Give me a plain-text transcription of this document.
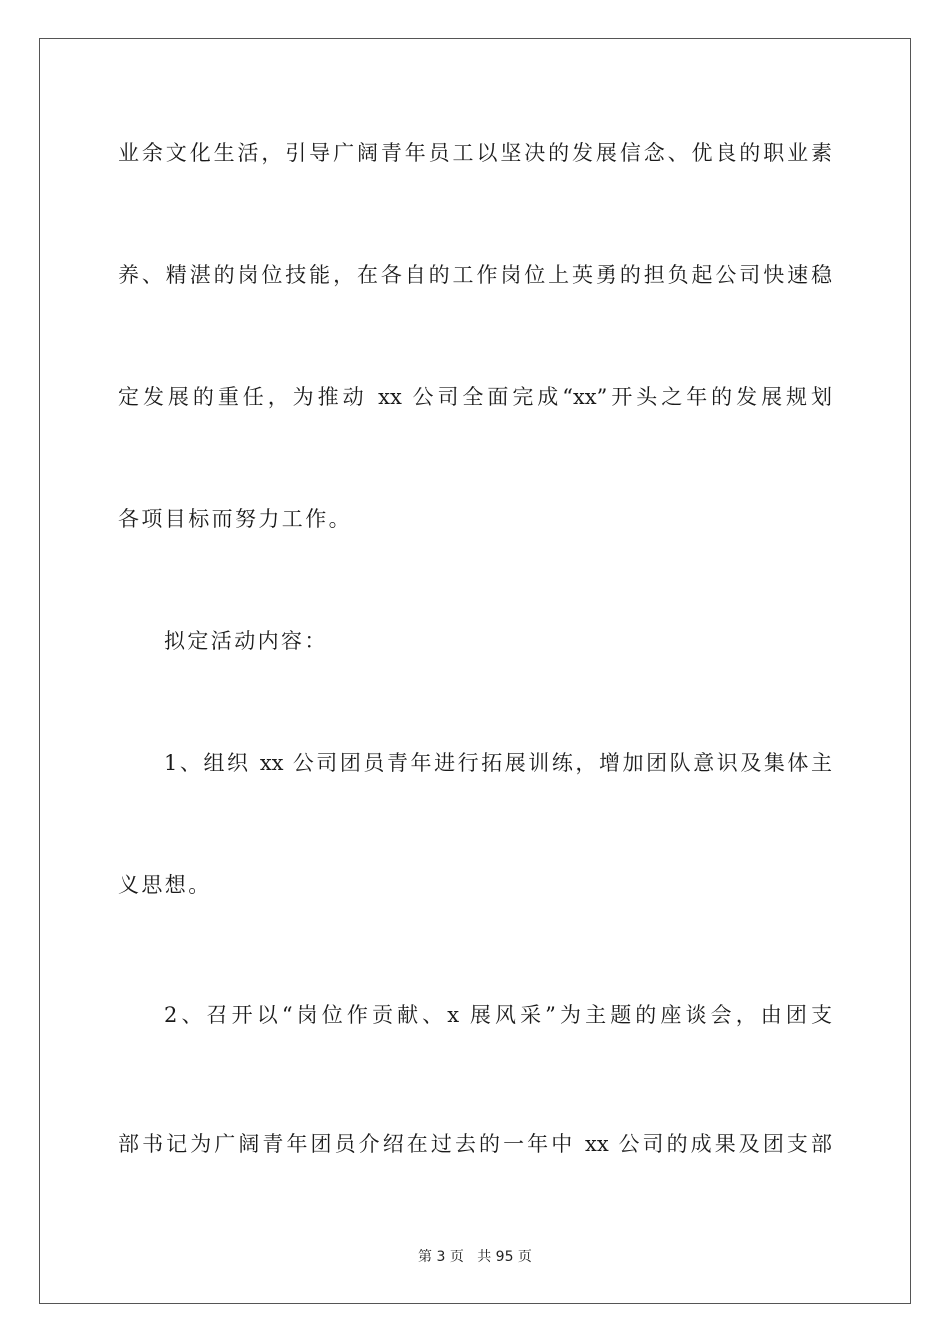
业余文化生活，引导广阔青年员工以坚决的发展信念、优良的职业素
养、精湛的岗位技能，在各自的工作岗位上英勇的担负起公司快速稳
定发展的重任，为推动 xx 公司全面完成“xx”开头之年的发展规划
各项目标而努力工作。
拟定活动内容：
1、组织 xx 公司团员青年进行拓展训练，增加团队意识及集体主
义思想。
2、召开以“岗位作贡献、x 展风采”为主题的座谈会，由团支
部书记为广阔青年团员介绍在过去的一年中 xx 公司的成果及团支部
第 3 页 共 95 页
